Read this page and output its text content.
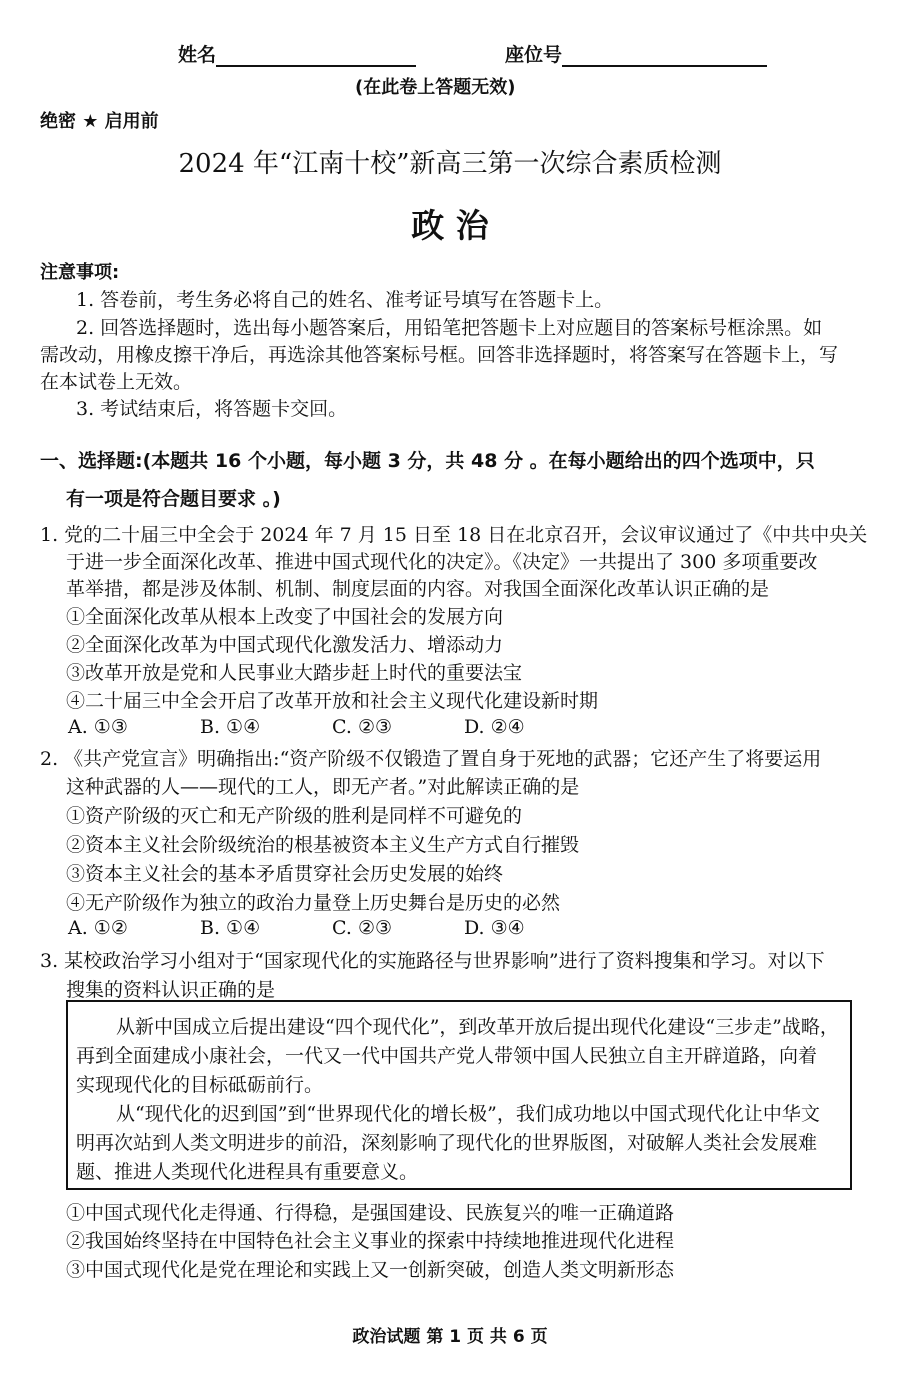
姓名	座位号
(在此卷上答题无效)
绝密 ★ 启用前
2024 年“江南十校”新高三第一次综合素质检测
政 治
注意事项:
1. 答卷前，考生务必将自己的姓名、准考证号填写在答题卡上。
2. 回答选择题时，选出每小题答案后，用铅笔把答题卡上对应题目的答案标号框涂黑。如
需改动，用橡皮擦干净后，再选涂其他答案标号框。回答非选择题时，将答案写在答题卡上，写
在本试卷上无效。
3. 考试结束后，将答题卡交回。
一、选择题:(本题共 16 个小题，每小题 3 分，共 48 分 。在每小题给出的四个选项中，只
有一项是符合题目要求 。)
1. 党的二十届三中全会于 2024 年 7 月 15 日至 18 日在北京召开，会议审议通过了《中共中央关
于进一步全面深化改革、推进中国式现代化的决定》。《决定》一共提出了 300 多项重要改
革举措，都是涉及体制、机制、制度层面的内容。对我国全面深化改革认识正确的是
①全面深化改革从根本上改变了中国社会的发展方向
②全面深化改革为中国式现代化激发活力、增添动力
③改革开放是党和人民事业大踏步赶上时代的重要法宝
④二十届三中全会开启了改革开放和社会主义现代化建设新时期
A. ①③	B. ①④	C. ②③	D. ②④
2. 《共产党宣言》明确指出:“资产阶级不仅锻造了置自身于死地的武器；它还产生了将要运用
这种武器的人——现代的工人，即无产者。”对此解读正确的是
①资产阶级的灭亡和无产阶级的胜利是同样不可避免的
②资本主义社会阶级统治的根基被资本主义生产方式自行摧毁
③资本主义社会的基本矛盾贯穿社会历史发展的始终
④无产阶级作为独立的政治力量登上历史舞台是历史的必然
A. ①②	B. ①④	C. ②③	D. ③④
3. 某校政治学习小组对于“国家现代化的实施路径与世界影响”进行了资料搜集和学习。对以下
搜集的资料认识正确的是
从新中国成立后提出建设“四个现代化”，到改革开放后提出现代化建设“三步走”战略，
再到全面建成小康社会，一代又一代中国共产党人带领中国人民独立自主开辟道路，向着
实现现代化的目标砥砺前行。
从“现代化的迟到国”到“世界现代化的增长极”，我们成功地以中国式现代化让中华文
明再次站到人类文明进步的前沿，深刻影响了现代化的世界版图，对破解人类社会发展难
题、推进人类现代化进程具有重要意义。
①中国式现代化走得通、行得稳，是强国建设、民族复兴的唯一正确道路
②我国始终坚持在中国特色社会主义事业的探索中持续地推进现代化进程
③中国式现代化是党在理论和实践上又一创新突破，创造人类文明新形态
政治试题 第 1 页 共 6 页
